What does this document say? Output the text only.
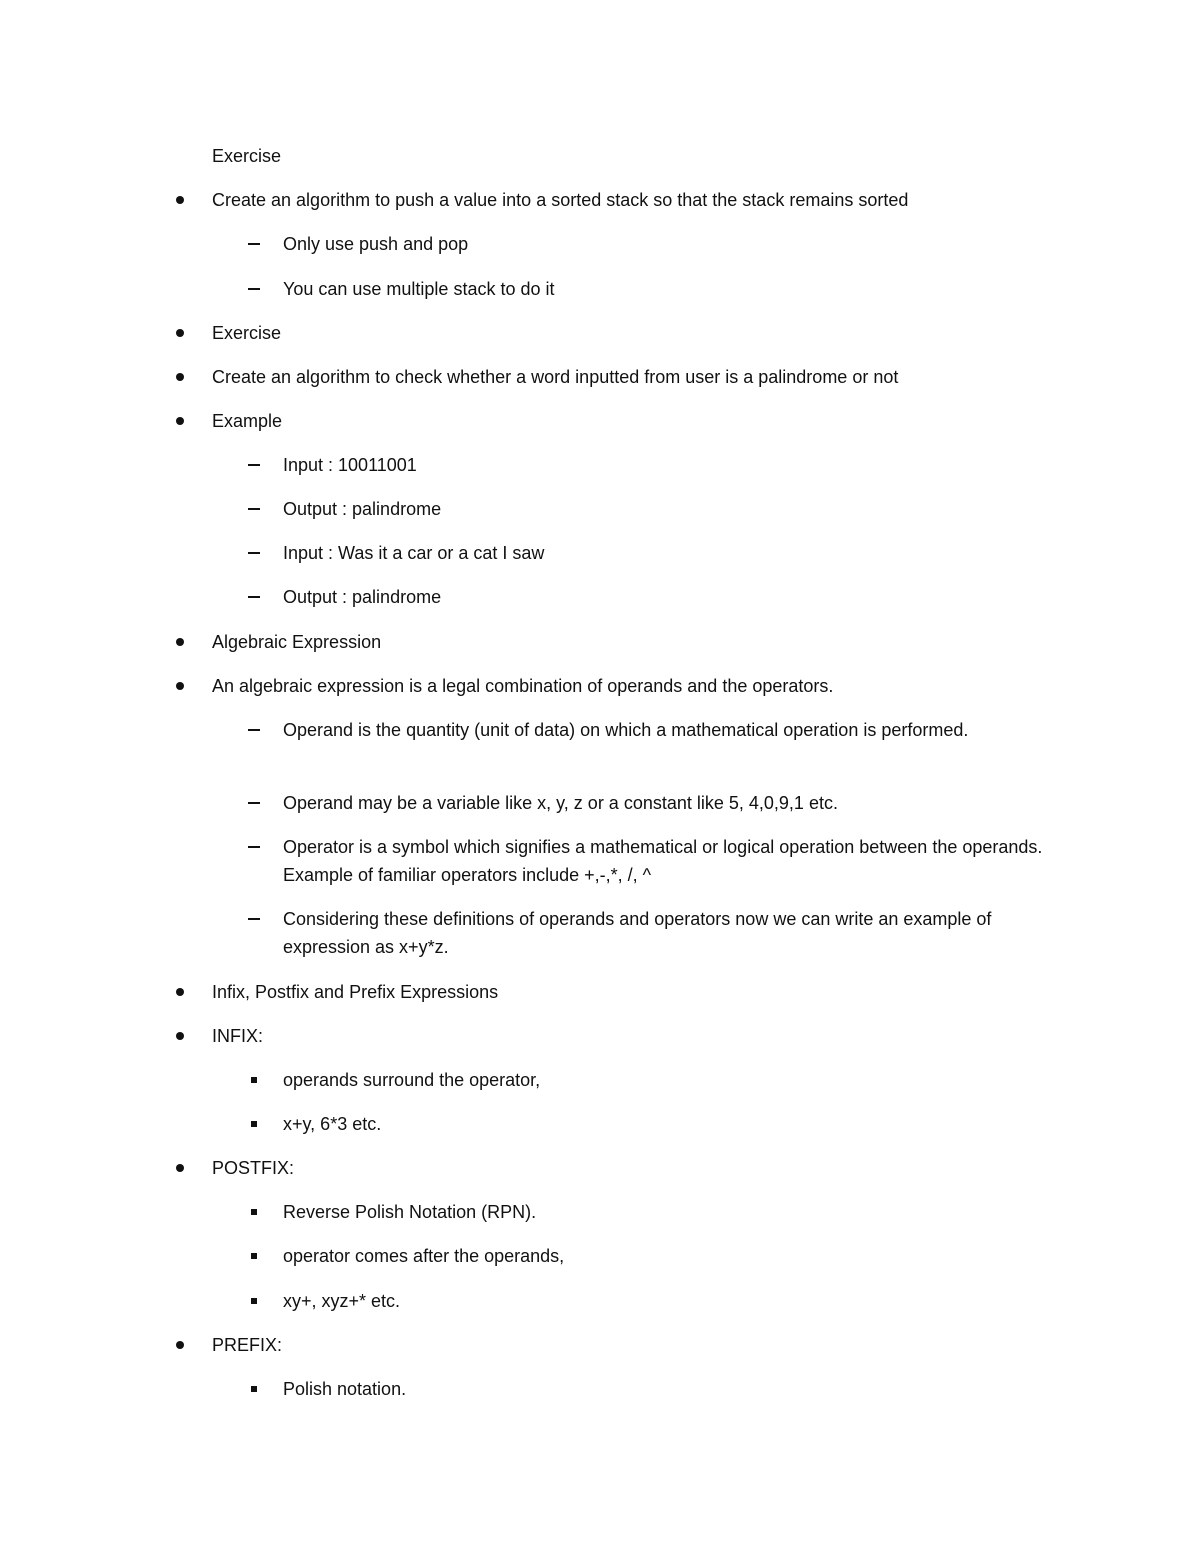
Exercise
Create an algorithm to push a value into a sorted stack so that the stack remains sorted
Only use push and pop
You can use multiple stack to do it
Exercise
Create an algorithm to check whether a word inputted from user is a palindrome or not
Example
Input : 10011001
Output : palindrome
Input : Was it a car or a cat I saw
Output : palindrome
Algebraic Expression
An algebraic expression is a legal combination of operands and the operators.
Operand is the quantity (unit of data) on which a mathematical operation is performed.
Operand may be a variable like x, y, z or a constant like 5, 4,0,9,1 etc.
Operator is a symbol which signifies a mathematical or logical operation between the operands. Example of familiar operators include +,-,*, /, ^
Considering these definitions of operands and operators now we can write an example of expression as x+y*z.
Infix, Postfix and Prefix Expressions
INFIX:
operands surround the operator,
x+y, 6*3 etc.
POSTFIX:
Reverse Polish Notation (RPN).
operator comes after the operands,
xy+, xyz+* etc.
PREFIX:
Polish notation.
